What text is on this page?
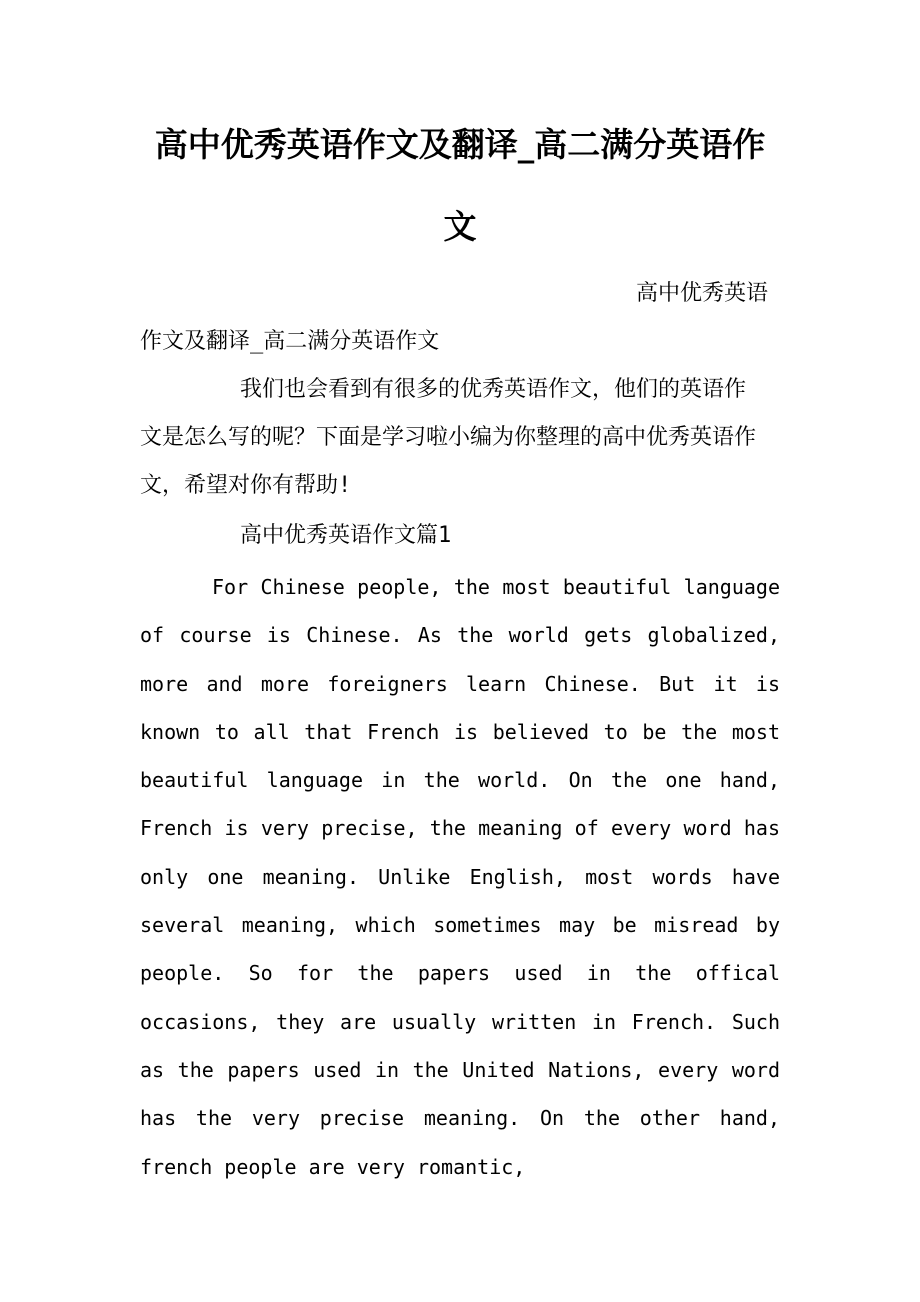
高中优秀英语作文及翻译_高二满分英语作文

高中优秀英语

作文及翻译_高二满分英语作文

我们也会看到有很多的优秀英语作文，他们的英语作文是怎么写的呢？下面是学习啦小编为你整理的高中优秀英语作文，希望对你有帮助!

高中优秀英语作文篇1

For Chinese people, the most beautiful language of course is Chinese. As the world gets globalized, more and more foreigners learn Chinese. But it is known to all that French is believed to be the most beautiful language in the world. On the one hand, French is very precise, the meaning of every word has only one meaning. Unlike English, most words have several meaning, which sometimes may be misread by people. So for the papers used in the offical occasions, they are usually written in French. Such as the papers used in the United Nations, every word has the very precise meaning. On the other hand, french people are very romantic,
